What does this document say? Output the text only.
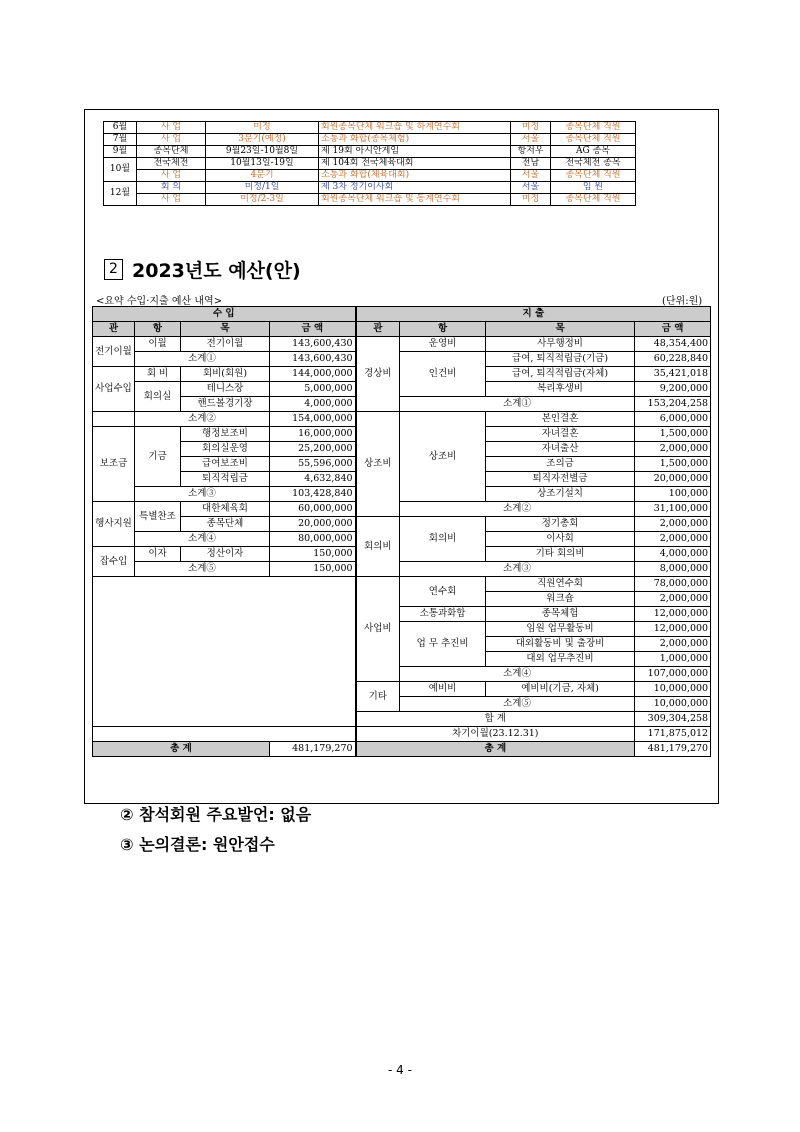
6월	사 업	미정	회원종목단체 워크숍 및 하계연수회	미정	종목단체 직원
7월	사 업	3분기(예정)	소통과 화합(종목체험)	서울	종목단체 직원
9월	종목단체	9월23일-10월8일	제 19회 아시안게임	항저우	AG 종목
10월	전국체전	10월13일-19일	제 104회 전국체육대회	전남	전국체전 종목
	사 업	4분기	소통과 화합(체육대회)	서울	종목단체 직원
12월	회 의	미정/1일	제 3차 정기이사회	서울	임 원
	사 업	미정/2-3일	회원종목단체 워크숍 및 동계연수회	미정	종목단체 직원
2 2023년도 예산(안)
<요약 수입·지출 예산 내역>	(단위:원)
수 입				지 출			
관	항	목	금 액	관	항	목	금 액
전기이월	이월	전기이월	143,600,430	경상비	운영비	사무행정비	48,354,400
	소계①		143,600,430		인건비	급여, 퇴직적립금(기금)	60,228,840
사업수입	회 비	회비(회원)	144,000,000			급여, 퇴직적립금(자체)	35,421,018
	회의실	테니스장	5,000,000			복리후생비	9,200,000
		핸드볼경기장	4,000,000		소계①		153,204,258
	소계②		154,000,000	상조비	상조비	본인결혼	6,000,000
보조금	기금	행정보조비	16,000,000			자녀결혼	1,500,000
		회의실운영	25,200,000			자녀출산	2,000,000
		급여보조비	55,596,000			조의금	1,500,000
		퇴직적립금	4,632,840			퇴직자전별금	20,000,000
	소계③		103,428,840			상조기설치	100,000
행사지원	특별찬조	대한체육회	60,000,000		소계②		31,100,000
		종목단체	20,000,000	회의비	회의비	정기총회	2,000,000
	소계④		80,000,000			이사회	2,000,000
잡수입	이자	정산이자	150,000			기타 회의비	4,000,000
	소계⑤		150,000		소계③		8,000,000
				사업비	연수회	직원연수회	78,000,000
						워크숍	2,000,000
					소통과화합	종목체험	12,000,000
					업 무 추진비	임원 업무활동비	12,000,000
						대외활동비 및 출장비	2,000,000
						대외 업무추진비	1,000,000
					소계④		107,000,000
				기타	예비비	예비비(기금, 자체)	10,000,000
					소계⑤		10,000,000
				합 계			309,304,258
				차기이월(23.12.31)			171,875,012
총 계			481,179,270	총 계			481,179,270
② 참석회원 주요발언: 없음
③ 논의결론: 원안접수
- 4 -
